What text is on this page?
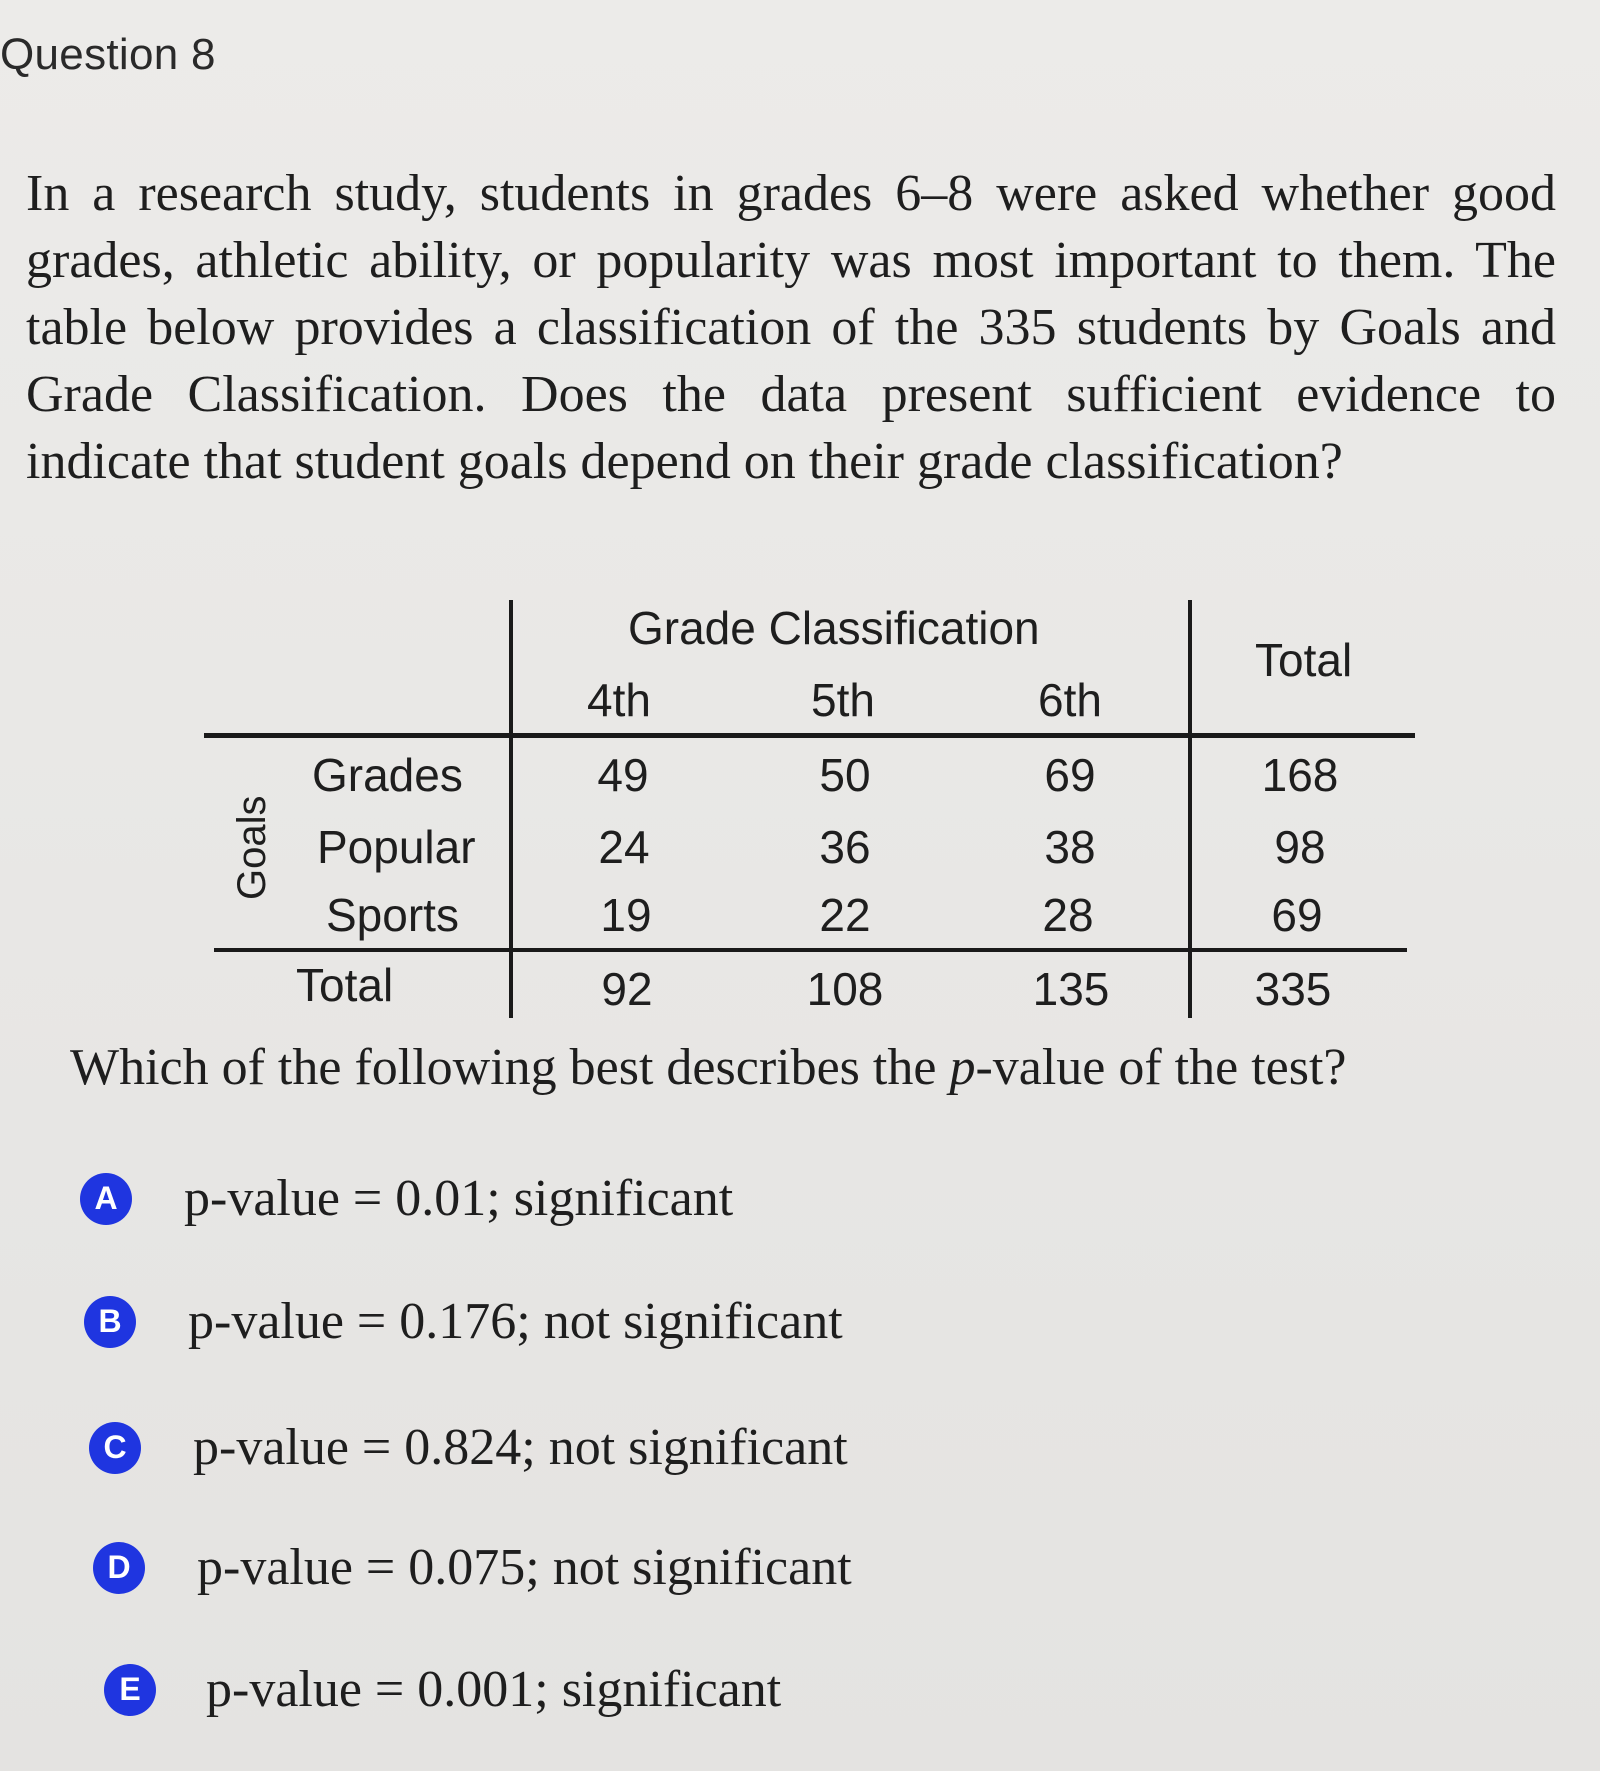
Question 8
In a research study, students in grades 6–8 were asked whether good grades, athletic ability, or popularity was most important to them. The table below provides a classification of the 335 students by Goals and Grade Classification. Does the data present sufficient evidence to indicate that student goals depend on their grade classification?
Grade Classification
Total
4th	5th	6th
Goals
Grades	49	50	69	168
Popular	24	36	38	98
Sports	19	22	28	69
Total	92	108	135	335
Which of the following best describes the p-value of the test?
A p-value = 0.01; significant
B p-value = 0.176; not significant
C p-value = 0.824; not significant
D p-value = 0.075; not significant
E p-value = 0.001; significant
